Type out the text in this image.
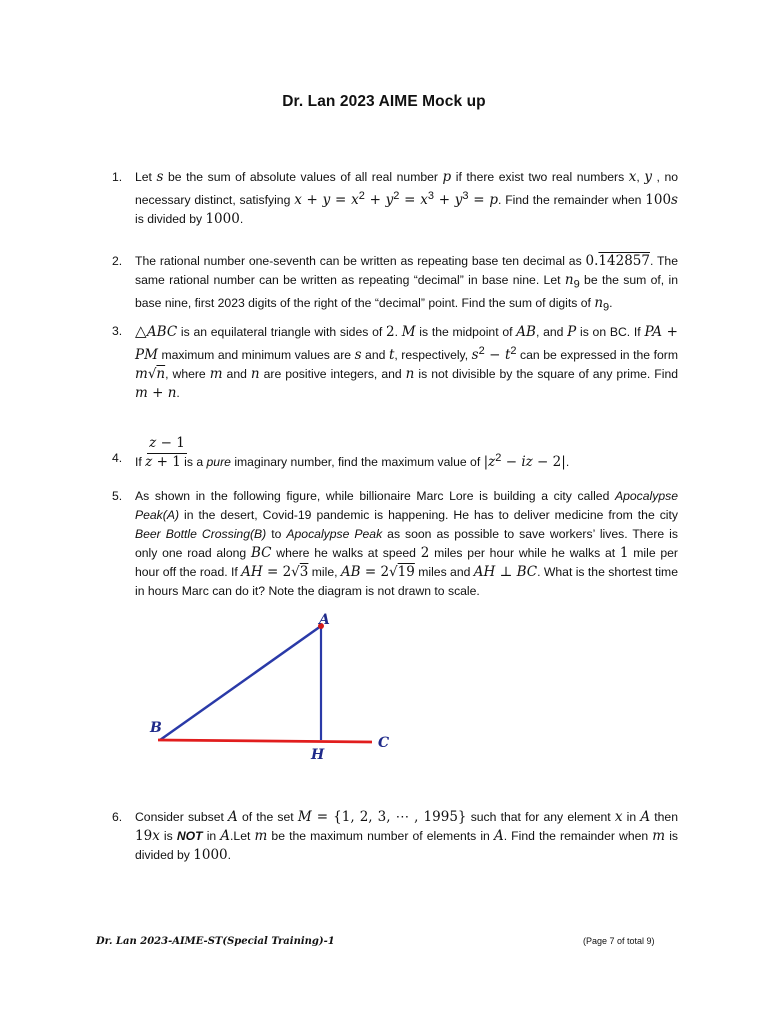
Dr. Lan 2023 AIME Mock up
1.	Let s be the sum of absolute values of all real number p if there exist two real numbers x, y , no necessary distinct, satisfying $x + y = x^2 + y^2 = x^3 + y^3 = p$. Find the remainder when 100s is divided by 1000.
2.	The rational number one-seventh can be written as repeating base ten decimal as 0.142857. The same rational number can be written as repeating “decimal” in base nine. Let $n_9$ be the sum of, in base nine, first 2023 digits of the right of the “decimal” point. Find the sum of digits of $n_9$.
3. △ABC is an equilateral triangle with sides of 2. M is the midpoint of AB, and P is on BC. If PA + PM maximum and minimum values are s and t, respectively, $s^2 - t^2$ can be expressed in the form m√n, where m and n are positive integers, and n is not divisible by the square of any prime. Find m + n.
4.	If
z − 1
z + 1 is a pure imaginary number, find the maximum value of $|z^2$ − iz − 2|.
5.	As shown in the following figure, while billionaire Marc Lore is building a city called Apocalypse Peak(A) in the desert, Covid-19 pandemic is happening. He has to deliver medicine from the city Beer Bottle Crossing(B) to Apocalypse Peak as soon as possible to save workers’ lives. There is only one road along BC where he walks at speed 2 miles per hour while he walks at 1 mile per hour off the road. If AH = 2√3 mile, AB = 2√19 miles and AH ⊥ BC. What is the shortest time in hours Marc can do it? Note the diagram is not drawn to scale.
A
B
C
H
6.	Consider subset A of the set M = {1, 2, 3, ⋯ , 1995} such that for any element x in A then 19x is NOT in A.Let m be the maximum number of elements in A. Find the remainder when m is divided by 1000.
Dr. Lan 2023-AIME-ST(Special Training)-1	(Page 7 of total 9)
